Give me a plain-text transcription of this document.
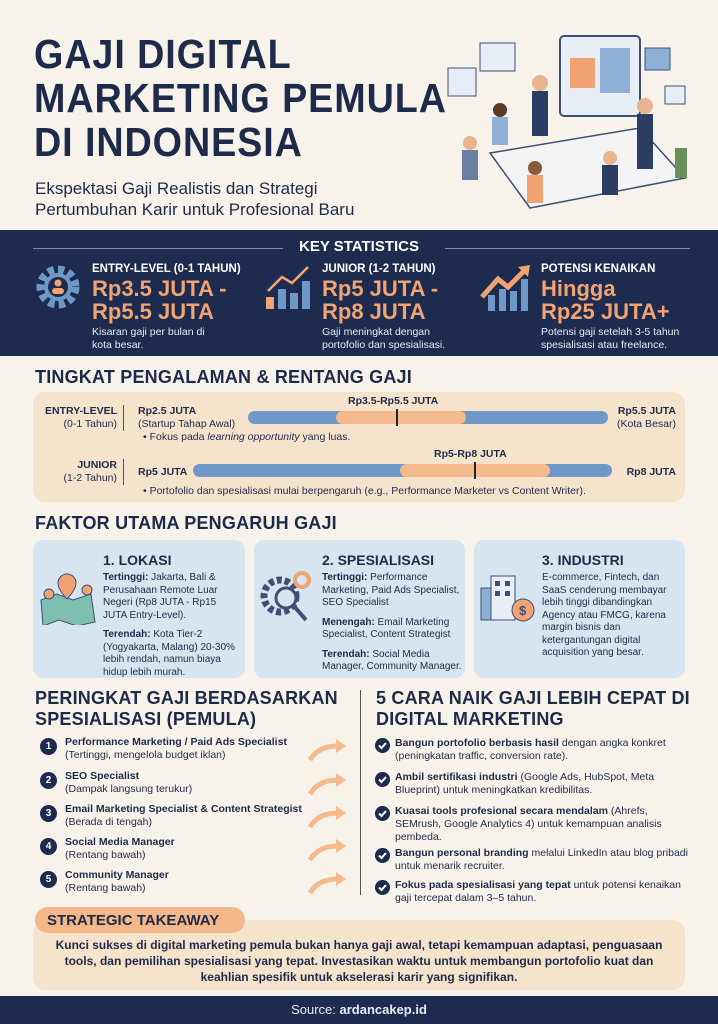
GAJI DIGITAL
MARKETING PEMULA
DI INDONESIA
Ekspektasi Gaji Realistis dan Strategi
Pertumbuhan Karir untuk Profesional Baru
KEY STATISTICS
ENTRY-LEVEL (0-1 TAHUN)
Rp3.5 JUTA -
Rp5.5 JUTA
Kisaran gaji per bulan di
kota besar.
JUNIOR (1-2 TAHUN)
Rp5 JUTA -
Rp8 JUTA
Gaji meningkat dengan
portofolio dan spesialisasi.
POTENSI KENAIKAN
Hingga
Rp25 JUTA+
Potensi gaji setelah 3-5 tahun
spesialisasi atau freelance.
TINGKAT PENGALAMAN & RENTANG GAJI
ENTRY-LEVEL
(0-1 Tahun)
Rp2.5 JUTA
(Startup Tahap Awal)
Rp3.5-Rp5.5 JUTA
Rp5.5 JUTA
(Kota Besar)
• Fokus pada learning opportunity yang luas.
JUNIOR
(1-2 Tahun) Rp5 JUTA
Rp5-Rp8 JUTA
Rp8 JUTA
• Portofolio dan spesialisasi mulai berpengaruh (e.g., Performance Marketer vs Content Writer).
FAKTOR UTAMA PENGARUH GAJI
1. LOKASI

Tertinggi: Jakarta, Bali & Perusahaan Remote Luar Negeri (Rp8 JUTA - Rp15 JUTA Entry-Level).

Terendah: Kota Tier-2 (Yogyakarta, Malang) 20-30% lebih rendah, namun biaya hidup lebih murah.

2. SPESIALISASI

Tertinggi: Performance Marketing, Paid Ads Specialist, SEO Specialist

Menengah: Email Marketing Specialist, Content Strategist

Terendah: Social Media Manager, Community Manager.

3. INDUSTRI
$

E-commerce, Fintech, dan SaaS cenderung membayar lebih tinggi dibandingkan Agency atau FMCG, karena margin bisnis dan ketergantungan digital acquisition yang besar.

PERINGKAT GAJI BERDASARKAN
SPESIALISASI (PEMULA)
5 CARA NAIK GAJI LEBIH CEPAT DI
DIGITAL MARKETING
1	Performance Marketing / Paid Ads Specialist
(Tertinggi, mengelola budget iklan)
2	SEO Specialist
(Dampak langsung terukur)
3	Email Marketing Specialist & Content Strategist
(Berada di tengah)
4	Social Media Manager
(Rentang bawah)
5	Community Manager
(Rentang bawah)
Bangun portofolio berbasis hasil dengan angka konkret (peningkatan traffic, conversion rate).
Ambil sertifikasi industri (Google Ads, HubSpot, Meta Blueprint) untuk meningkatkan kredibilitas.
Kuasai tools profesional secara mendalam (Ahrefs, SEMrush, Google Analytics 4) untuk kemampuan analisis pembeda.
Bangun personal branding melalui LinkedIn atau blog pribadi untuk menarik recruiter.
Fokus pada spesialisasi yang tepat untuk potensi kenaikan gaji tercepat dalam 3–5 tahun.
STRATEGIC TAKEAWAY
Kunci sukses di digital marketing pemula bukan hanya gaji awal, tetapi kemampuan adaptasi, penguasaan tools, dan pemilihan spesialisasi yang tepat. Investasikan waktu untuk membangun portofolio kuat dan keahlian spesifik untuk akselerasi karir yang signifikan.
Source: ardancakep.id
